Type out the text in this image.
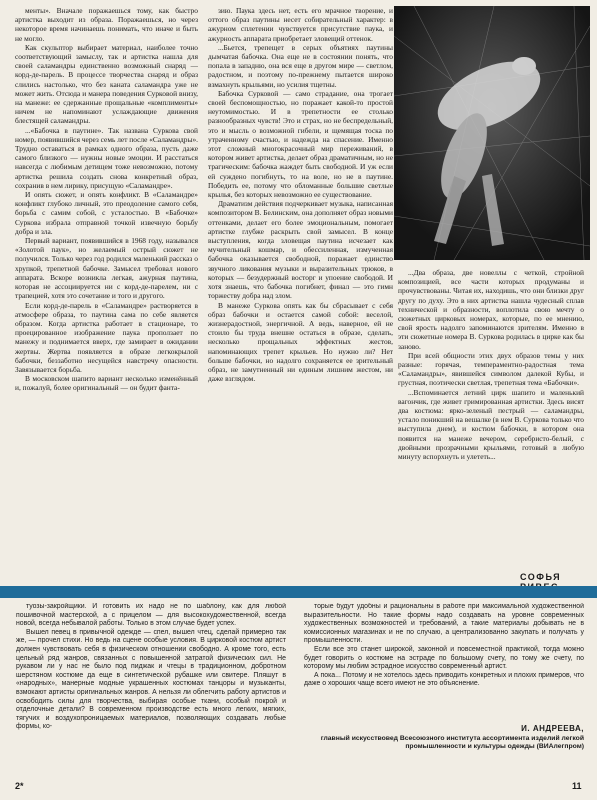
менты». Вначале поражаешься тому, как быстро артистка выходит из образа. Поражаешься, но через некоторое время начинаешь понимать, что иначе и быть не могло.

Как скульптор выбирает материал, наиболее точно соответствующий замыслу, так и артистка нашла для своей саламандры единственно возможный снаряд — корд-де-парель. В процессе творчества снаряд и образ слились настолько, что без каната саламандра уже не может жить. Отсюда и манера поведения Сурковой внизу, на манеже: ее сдержанные прощальные «комплименты» ничем не напоминают услаждающие движения блестящей саламандры.

...«Бабочка в паутине». Так названа Суркова свой номер, появившийся через семь лет после «Саламандры». Трудно оставаться в рамках одного образа, пусть даже самого близкого — нужны новые эмоции. И расстаться навсегда с любимым детищем тоже невозможно, потому артистка решила создать снова конкретный образ, сохранив в нем лирику, присущую «Саламандре».

И опять сюжет, и опять конфликт. В «Саламандре» конфликт глубоко личный, это преодоление самого себя, борьба с самим собой, с усталостью. В «Бабочке» Суркова избрала отправной точкой извечную борьбу добра и зла.

Первый вариант, появившийся в 1968 году, назывался «Золотой паук», но желаемый острый сюжет не получился. Только через год родился маленький рассказ о хрупкой, трепетной бабочке. Замысел требовал нового аппарата. Вскоре возникла легкая, ажурная паутина, которая не ассоциируется ни с корд-де-парелем, ни с трапецией, хотя это сочетание и того и другого.

Если корд-де-парель в «Саламандре» растворяется в атмосфере образа, то паутина сама по себе является образом. Когда артистка работает в стационаре, то проецированное изображение паука проползает по манежу и поднимается вверх, где замирает в ожидании жертвы. Жертва появляется в образе легкокрылой бабочки, беззаботно несущейся навстречу опасности. Завязывается борьба.

В московском шапито вариант несколько изменённый и, пожалуй, более оригинальный — он будит фанта-

зию. Паука здесь нет, есть его мрачное творение, и оттого образ паутины несет собирательный характер: в ажурном сплетении чувствуется присутствие паука, и ажурность аппарата приобретает зловещий оттенок.

...Бьется, трепещет в серых объятиях паутины дымчатая бабочка. Она еще не в состоянии понять, что попала в западню, она вся еще в другом мире — светлом, радостном, и поэтому по-прежнему пытается широко взмахнуть крыльями, но усилия тщетны.

Бабочка Сурковой — само страдание, она трогает своей беспомощностью, но поражает какой-то простой неутомимостью. И в трепетности ее столько разнообразных чувств! Это и страх, но не беспредельный, это и мысль о возможной гибели, и щемящая тоска по утраченному счастью, и надежда на спасение. Именно этот сложный многокрасочный мир переживаний, в котором живет артистка, делает образ драматичным, но не трагическим: бабочка жаждет быть свободной. И уж если ей суждено погибнуть, то на воле, но не в паутине. Победить ее, потому что обломанные большие светлые крылья, без которых невозможно ее существование.

Драматизм действия подчеркивает музыка, написанная композитором В. Белинским, она дополняет образ новыми оттенками, делает его более эмоциональным, помогает артистке глубже раскрыть свой замысел. В конце выступления, когда зловещая паутина исчезает как мучительный кошмар, и обессиленная, измученная бабочка оказывается свободной, поражает единство звучного ликования музыки и выразительных трюков, в которых — безудержный восторг и упоение свободой. И хотя знаешь, что бабочка погибнет, финал — это гимн торжеству добра над злом.

В манеже Суркова опять как бы сбрасывает с себя образ бабочки и остается самой собой: веселой, жизнерадостной, энергичной. А ведь, наверное, ей не стоило бы труда внешне остаться в образе, сделать, несколько прощальных эффектных жестов, напоминающих трепет крыльев. Но нужно ли? Нет больше бабочки, но надолго сохраняется ее зрительный образ, не замутненный ни единым лишним жестом, ни даже взглядом.

...Два образа, две новеллы с четкой, стройной композицией, все части которых продуманы и прочувствованы. Читая их, находишь, что они близки друг другу по духу. Это в них артистка нашла чудесный сплав технической и образности, воплотила свою мечту о сюжетных цирковых номерах, которые, по ее мнению, свой ярость надолго запоминаются зрителям. Именно в эти сюжетные номера В. Суркова родилась в цирке как бы заново.

При всей общности этих двух образов темы у них разные: горячая, темпераментно-радостная тема «Саламандры», явившейся символом далекой Кубы, и грустная, поэтически светлая, трепетная тема «Бабочки».

...Вспоминается летний цирк шапито и маленький вагончик, где живет гримированная артистки. Здесь висят два костюма: ярко-зеленый пестрый — саламандры, устало поникший на вешалке (в нем В. Суркова только что выступила днем), и костюм бабочки, в котором она появится на манеже вечером, серебристо-белый, с двойными прозрачными крыльями, готовый в любую минуту вспорхнуть и улететь...

СОФЬЯ

туозы-закройщики. И готовить их надо не по шаблону, как для любой пошивочной мастерской, а с прицелом — для высокохудожественной, всегда новой, всегда небывалой работы. Только в этом случае будет успех.

Вышел певец в привычной одежде — спел, вышел чтец, сделай примерно так же, — прочел стихи. Но ведь на сцене особые условия. В цирковой костюм артист должен чувствовать себя в физическом отношении свободно. А кроме того, есть цельный ряд жанров, связанных с повышенной затратой физических сил. Не рукавом ли у нас не было под пиджак и чтецы в традиционном, добротном шерстяном костюме да еще в синтетической рубашке или свитере. Пляшут в «народных», манерные модные украшенных костюмах танцоры и музыканты, взмокают артисты оригинальных жанров. А нельзя ли облегчить работу артистов и освободить силы для творчества, выбирая особые ткани, особый покрой и отделочные детали? В современном производстве есть много легких, мягких, тягучих и воздухопроницаемых материалов, позволяющих создавать любые формы, ко-

торые будут удобны и рациональны в работе при максимальной художественной выразительности. Но такие формы надо создавать на уровне современных художественных возможностей и требований, а такие материалы добывать не в комиссионных магазинах и не по случаю, а централизованно закупать и получать у промышленности.

Если все это станет широкой, законной и повсеместной практикой, тогда можно будет говорить о костюме на эстраде по большому счету, по тому же счету, по которому мы любим эстрадное искусство современный артист.

А пока... Потому и не хотелось здесь приводить конкретных и плохих примеров, что даже о хороших чаще всего имеют не это объяснение.

И. АНДРЕЕВА,
главный искусствовед Всесоюзного института ассортимента изделий легкой промышленности и культуры одежды (ВИАлегпром)
2*	11
